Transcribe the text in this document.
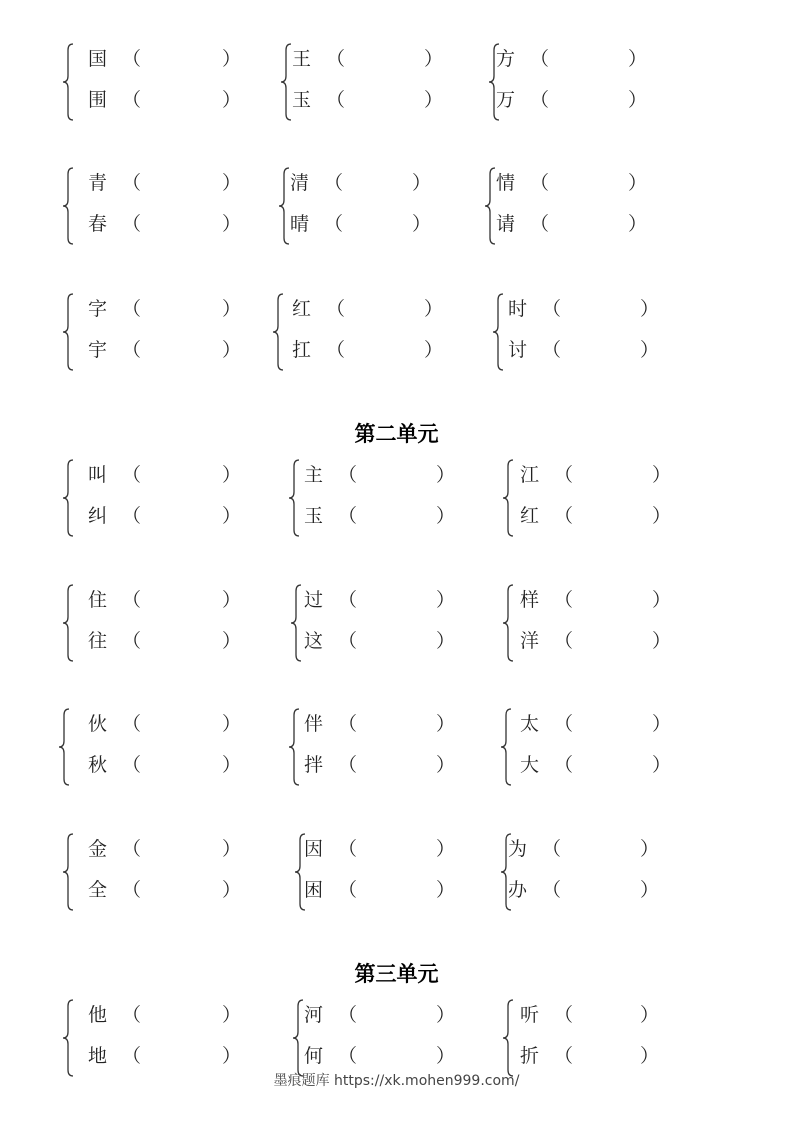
国 （	）
围 （	）
王 （	）
玉 （	）
方 （	）
万 （	）
青 （	）
春 （	）
清 （	）
晴 （	）
情 （	）
请 （	）
字 （	）
宇 （	）
红 （	）
扛 （	）
时 （	）
讨 （	）
第二单元
叫 （	）
纠 （	）
主 （	）
玉 （	）
江 （	）
红 （	）
住 （	）
往 （	）
过 （	）
这 （	）
样 （	）
洋 （	）
伙 （	）
秋 （	）
伴 （	）
拌 （	）
太 （	）
大 （	）
金 （	）
全 （	）
因 （	）
困 （	）
为 （	）
办 （	）
第三单元
他 （	）
地 （	）
河 （	）
何 （	）
听 （	）
折 （	）
墨痕题库 https://xk.mohen999.com/
